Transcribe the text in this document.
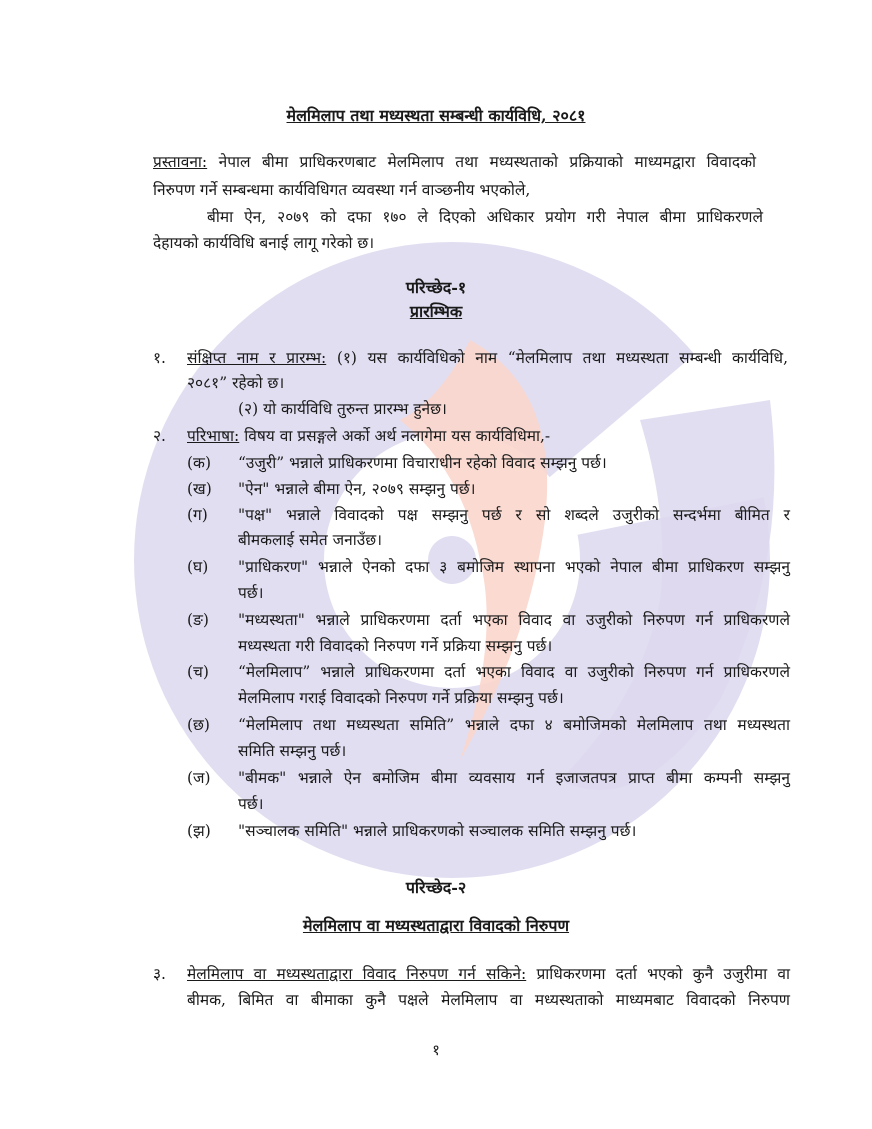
मेलमिलाप तथा मध्यस्थता सम्बन्धी कार्यविधि, २०८१
प्रस्तावना: नेपाल बीमा प्राधिकरणबाट मेलमिलाप तथा मध्यस्थताको प्रक्रियाको माध्यमद्वारा विवादको
निरुपण गर्ने सम्बन्धमा कार्यविधिगत व्यवस्था गर्न वाञ्छनीय भएकोले,
बीमा ऐन, २०७९ को दफा १७० ले दिएको अधिकार प्रयोग गरी नेपाल बीमा प्राधिकरणले
देहायको कार्यविधि बनाई लागू गरेको छ।
परिच्छेद-१
प्रारम्भिक
१. संक्षिप्त नाम र प्रारम्भ: (१) यस कार्यविधिको नाम “मेलमिलाप तथा मध्यस्थता सम्बन्धी कार्यविधि,
२०८१” रहेको छ।
(२) यो कार्यविधि तुरुन्त प्रारम्भ हुनेछ।
२. परिभाषा: विषय वा प्रसङ्गले अर्को अर्थ नलागेमा यस कार्यविधिमा,-
(क) “उजुरी” भन्नाले प्राधिकरणमा विचाराधीन रहेको विवाद सम्झनु पर्छ।
(ख) "ऐन" भन्नाले बीमा ऐन, २०७९ सम्झनु पर्छ।
(ग) "पक्ष" भन्नाले विवादको पक्ष सम्झनु पर्छ र सो शब्दले उजुरीको सन्दर्भमा बीमित र
बीमकलाई समेत जनाउँछ।
(घ) "प्राधिकरण" भन्नाले ऐनको दफा ३ बमोजिम स्थापना भएको नेपाल बीमा प्राधिकरण सम्झनु
पर्छ।
(ङ) "मध्यस्थता" भन्नाले प्राधिकरणमा दर्ता भएका विवाद वा उजुरीको निरुपण गर्न प्राधिकरणले
मध्यस्थता गरी विवादको निरुपण गर्ने प्रक्रिया सम्झनु पर्छ।
(च) “मेलमिलाप” भन्नाले प्राधिकरणमा दर्ता भएका विवाद वा उजुरीको निरुपण गर्न प्राधिकरणले
मेलमिलाप गराई विवादको निरुपण गर्ने प्रक्रिया सम्झनु पर्छ।
(छ) “मेलमिलाप तथा मध्यस्थता समिति” भन्नाले दफा ४ बमोजिमको मेलमिलाप तथा मध्यस्थता
समिति सम्झनु पर्छ।
(ज) "बीमक" भन्नाले ऐन बमोजिम बीमा व्यवसाय गर्न इजाजतपत्र प्राप्त बीमा कम्पनी सम्झनु
पर्छ।
(झ) "सञ्चालक समिति" भन्नाले प्राधिकरणको सञ्चालक समिति सम्झनु पर्छ।
परिच्छेद-२
मेलमिलाप वा मध्यस्थताद्वारा विवादको निरुपण
३. मेलमिलाप वा मध्यस्थताद्वारा विवाद निरुपण गर्न सकिने: प्राधिकरणमा दर्ता भएको कुनै उजुरीमा वा
बीमक, बिमित वा बीमाका कुनै पक्षले मेलमिलाप वा मध्यस्थताको माध्यमबाट विवादको निरुपण
१
